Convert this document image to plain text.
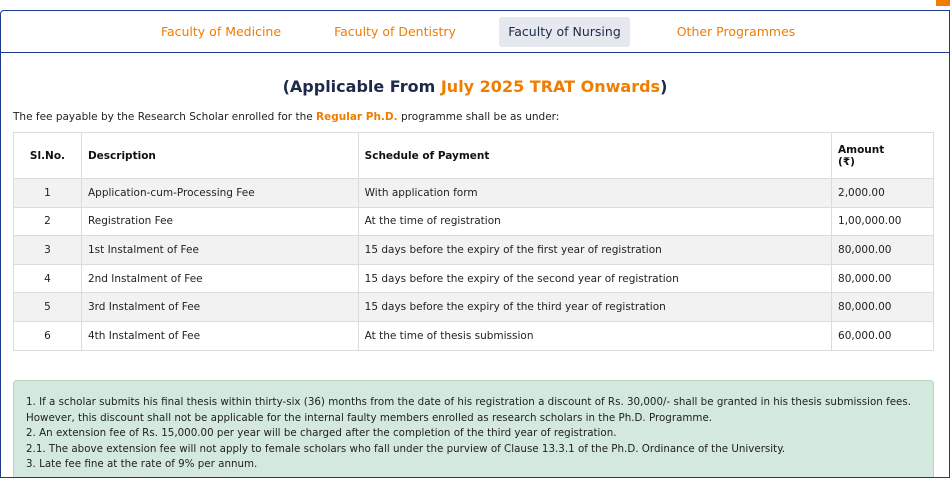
Faculty of Medicine	Faculty of Dentistry	Faculty of Nursing	Other Programmes
(Applicable From July 2025 TRAT Onwards)
The fee payable by the Research Scholar enrolled for the Regular Ph.D. programme shall be as under:
Sl.No.	Description	Schedule of Payment	Amount
(₹)
1	Application-cum-Processing Fee	With application form	2,000.00
2	Registration Fee	At the time of registration	1,00,000.00
3	1st Instalment of Fee	15 days before the expiry of the first year of registration	80,000.00
4	2nd Instalment of Fee	15 days before the expiry of the second year of registration	80,000.00
5	3rd Instalment of Fee	15 days before the expiry of the third year of registration	80,000.00
6	4th Instalment of Fee	At the time of thesis submission	60,000.00
1. If a scholar submits his final thesis within thirty-six (36) months from the date of his registration a discount of Rs. 30,000/- shall be granted in his thesis submission fees.
However, this discount shall not be applicable for the internal faulty members enrolled as research scholars in the Ph.D. Programme.
2. An extension fee of Rs. 15,000.00 per year will be charged after the completion of the third year of registration.
2.1. The above extension fee will not apply to female scholars who fall under the purview of Clause 13.3.1 of the Ph.D. Ordinance of the University.
3. Late fee fine at the rate of 9% per annum.
